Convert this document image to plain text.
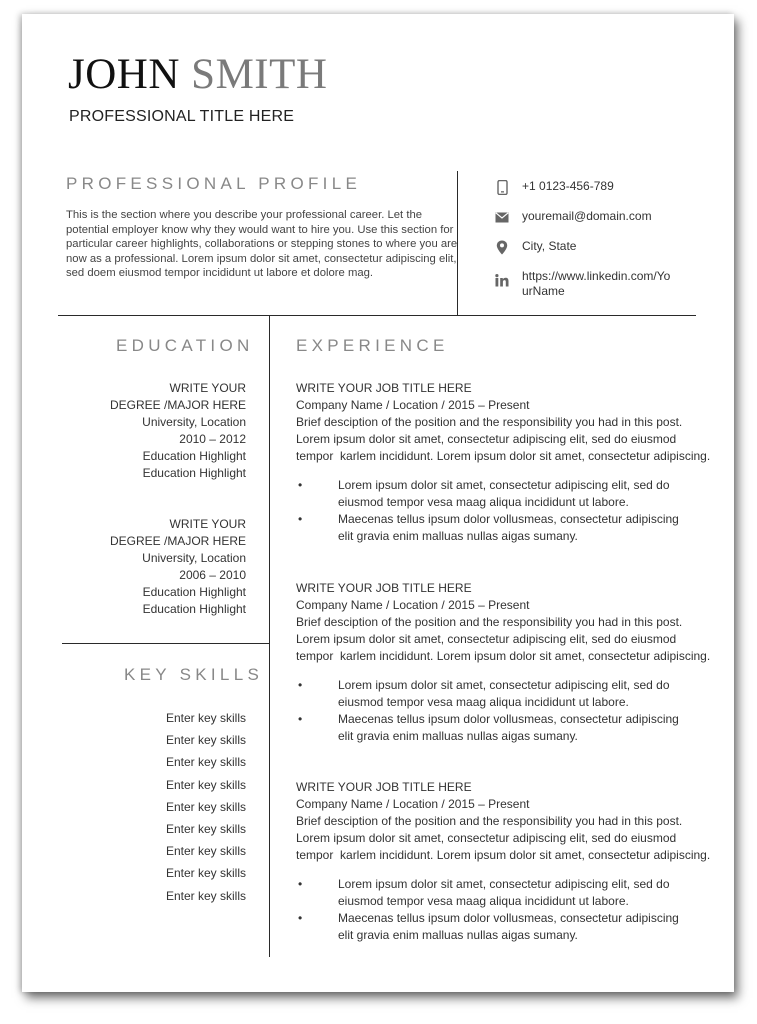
JOHN SMITH
PROFESSIONAL TITLE HERE
PROFESSIONAL PROFILE
This is the section where you describe your professional career. Let the potential employer know why they would want to hire you. Use this section for particular career highlights, collaborations or stepping stones to where you are now as a professional. Lorem ipsum dolor sit amet, consectetur adipiscing elit, sed doem eiusmod tempor incididunt ut labore et dolore mag.
+1 0123-456-789
youremail@domain.com
City, State
https://www.linkedin.com/YourName
EDUCATION
WRITE YOUR
DEGREE /MAJOR HERE
University, Location
2010 – 2012
Education Highlight
Education Highlight
WRITE YOUR
DEGREE /MAJOR HERE
University, Location
2006 – 2010
Education Highlight
Education Highlight
KEY SKILLS
Enter key skills
Enter key skills
Enter key skills
Enter key skills
Enter key skills
Enter key skills
Enter key skills
Enter key skills
Enter key skills
EXPERIENCE
WRITE YOUR JOB TITLE HERE
Company Name / Location / 2015 – Present
Brief desciption of the position and the responsibility you had in this post.
Lorem ipsum dolor sit amet, consectetur adipiscing elit, sed do eiusmod
tempor  karlem incididunt. Lorem ipsum dolor sit amet, consectetur adipiscing.
•	Lorem ipsum dolor sit amet, consectetur adipiscing elit, sed do eiusmod tempor vesa maag aliqua incididunt ut labore.
•	Maecenas tellus ipsum dolor vollusmeas, consectetur adipiscing elit gravia enim malluas nullas aigas sumany.
WRITE YOUR JOB TITLE HERE
Company Name / Location / 2015 – Present
Brief desciption of the position and the responsibility you had in this post.
Lorem ipsum dolor sit amet, consectetur adipiscing elit, sed do eiusmod
tempor  karlem incididunt. Lorem ipsum dolor sit amet, consectetur adipiscing.
•	Lorem ipsum dolor sit amet, consectetur adipiscing elit, sed do eiusmod tempor vesa maag aliqua incididunt ut labore.
•	Maecenas tellus ipsum dolor vollusmeas, consectetur adipiscing elit gravia enim malluas nullas aigas sumany.
WRITE YOUR JOB TITLE HERE
Company Name / Location / 2015 – Present
Brief desciption of the position and the responsibility you had in this post.
Lorem ipsum dolor sit amet, consectetur adipiscing elit, sed do eiusmod
tempor  karlem incididunt. Lorem ipsum dolor sit amet, consectetur adipiscing.
•	Lorem ipsum dolor sit amet, consectetur adipiscing elit, sed do eiusmod tempor vesa maag aliqua incididunt ut labore.
•	Maecenas tellus ipsum dolor vollusmeas, consectetur adipiscing elit gravia enim malluas nullas aigas sumany.
